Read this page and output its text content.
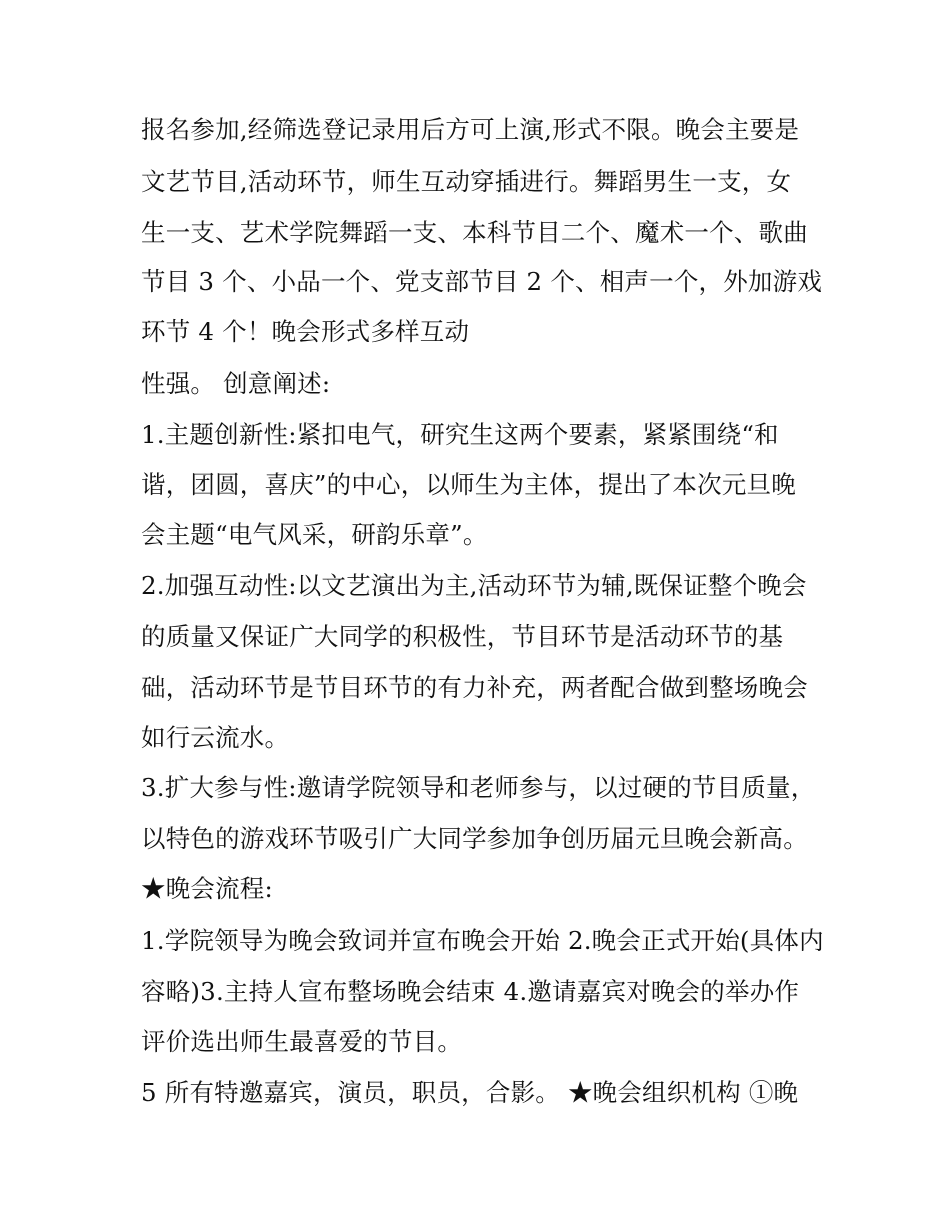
报名参加,经筛选登记录用后方可上演,形式不限。晚会主要是
文艺节目,活动环节，师生互动穿插进行。舞蹈男生一支，女
生一支、艺术学院舞蹈一支、本科节目二个、魔术一个、歌曲
节目 3 个、小品一个、党支部节目 2 个、相声一个，外加游戏
环节 4 个！晚会形式多样互动
性强。 创意阐述:
1.主题创新性:紧扣电气，研究生这两个要素，紧紧围绕“和
谐，团圆，喜庆”的中心，以师生为主体，提出了本次元旦晚
会主题“电气风采，研韵乐章”。
2.加强互动性:以文艺演出为主,活动环节为辅,既保证整个晚会
的质量又保证广大同学的积极性，节目环节是活动环节的基
础，活动环节是节目环节的有力补充，两者配合做到整场晚会
如行云流水。
3.扩大参与性:邀请学院领导和老师参与，以过硬的节目质量，
以特色的游戏环节吸引广大同学参加争创历届元旦晚会新高。
★晚会流程:
1.学院领导为晚会致词并宣布晚会开始 2.晚会正式开始(具体内
容略)3.主持人宣布整场晚会结束 4.邀请嘉宾对晚会的举办作
评价选出师生最喜爱的节目。
5 所有特邀嘉宾，演员，职员，合影。 ★晚会组织机构 ①晚
